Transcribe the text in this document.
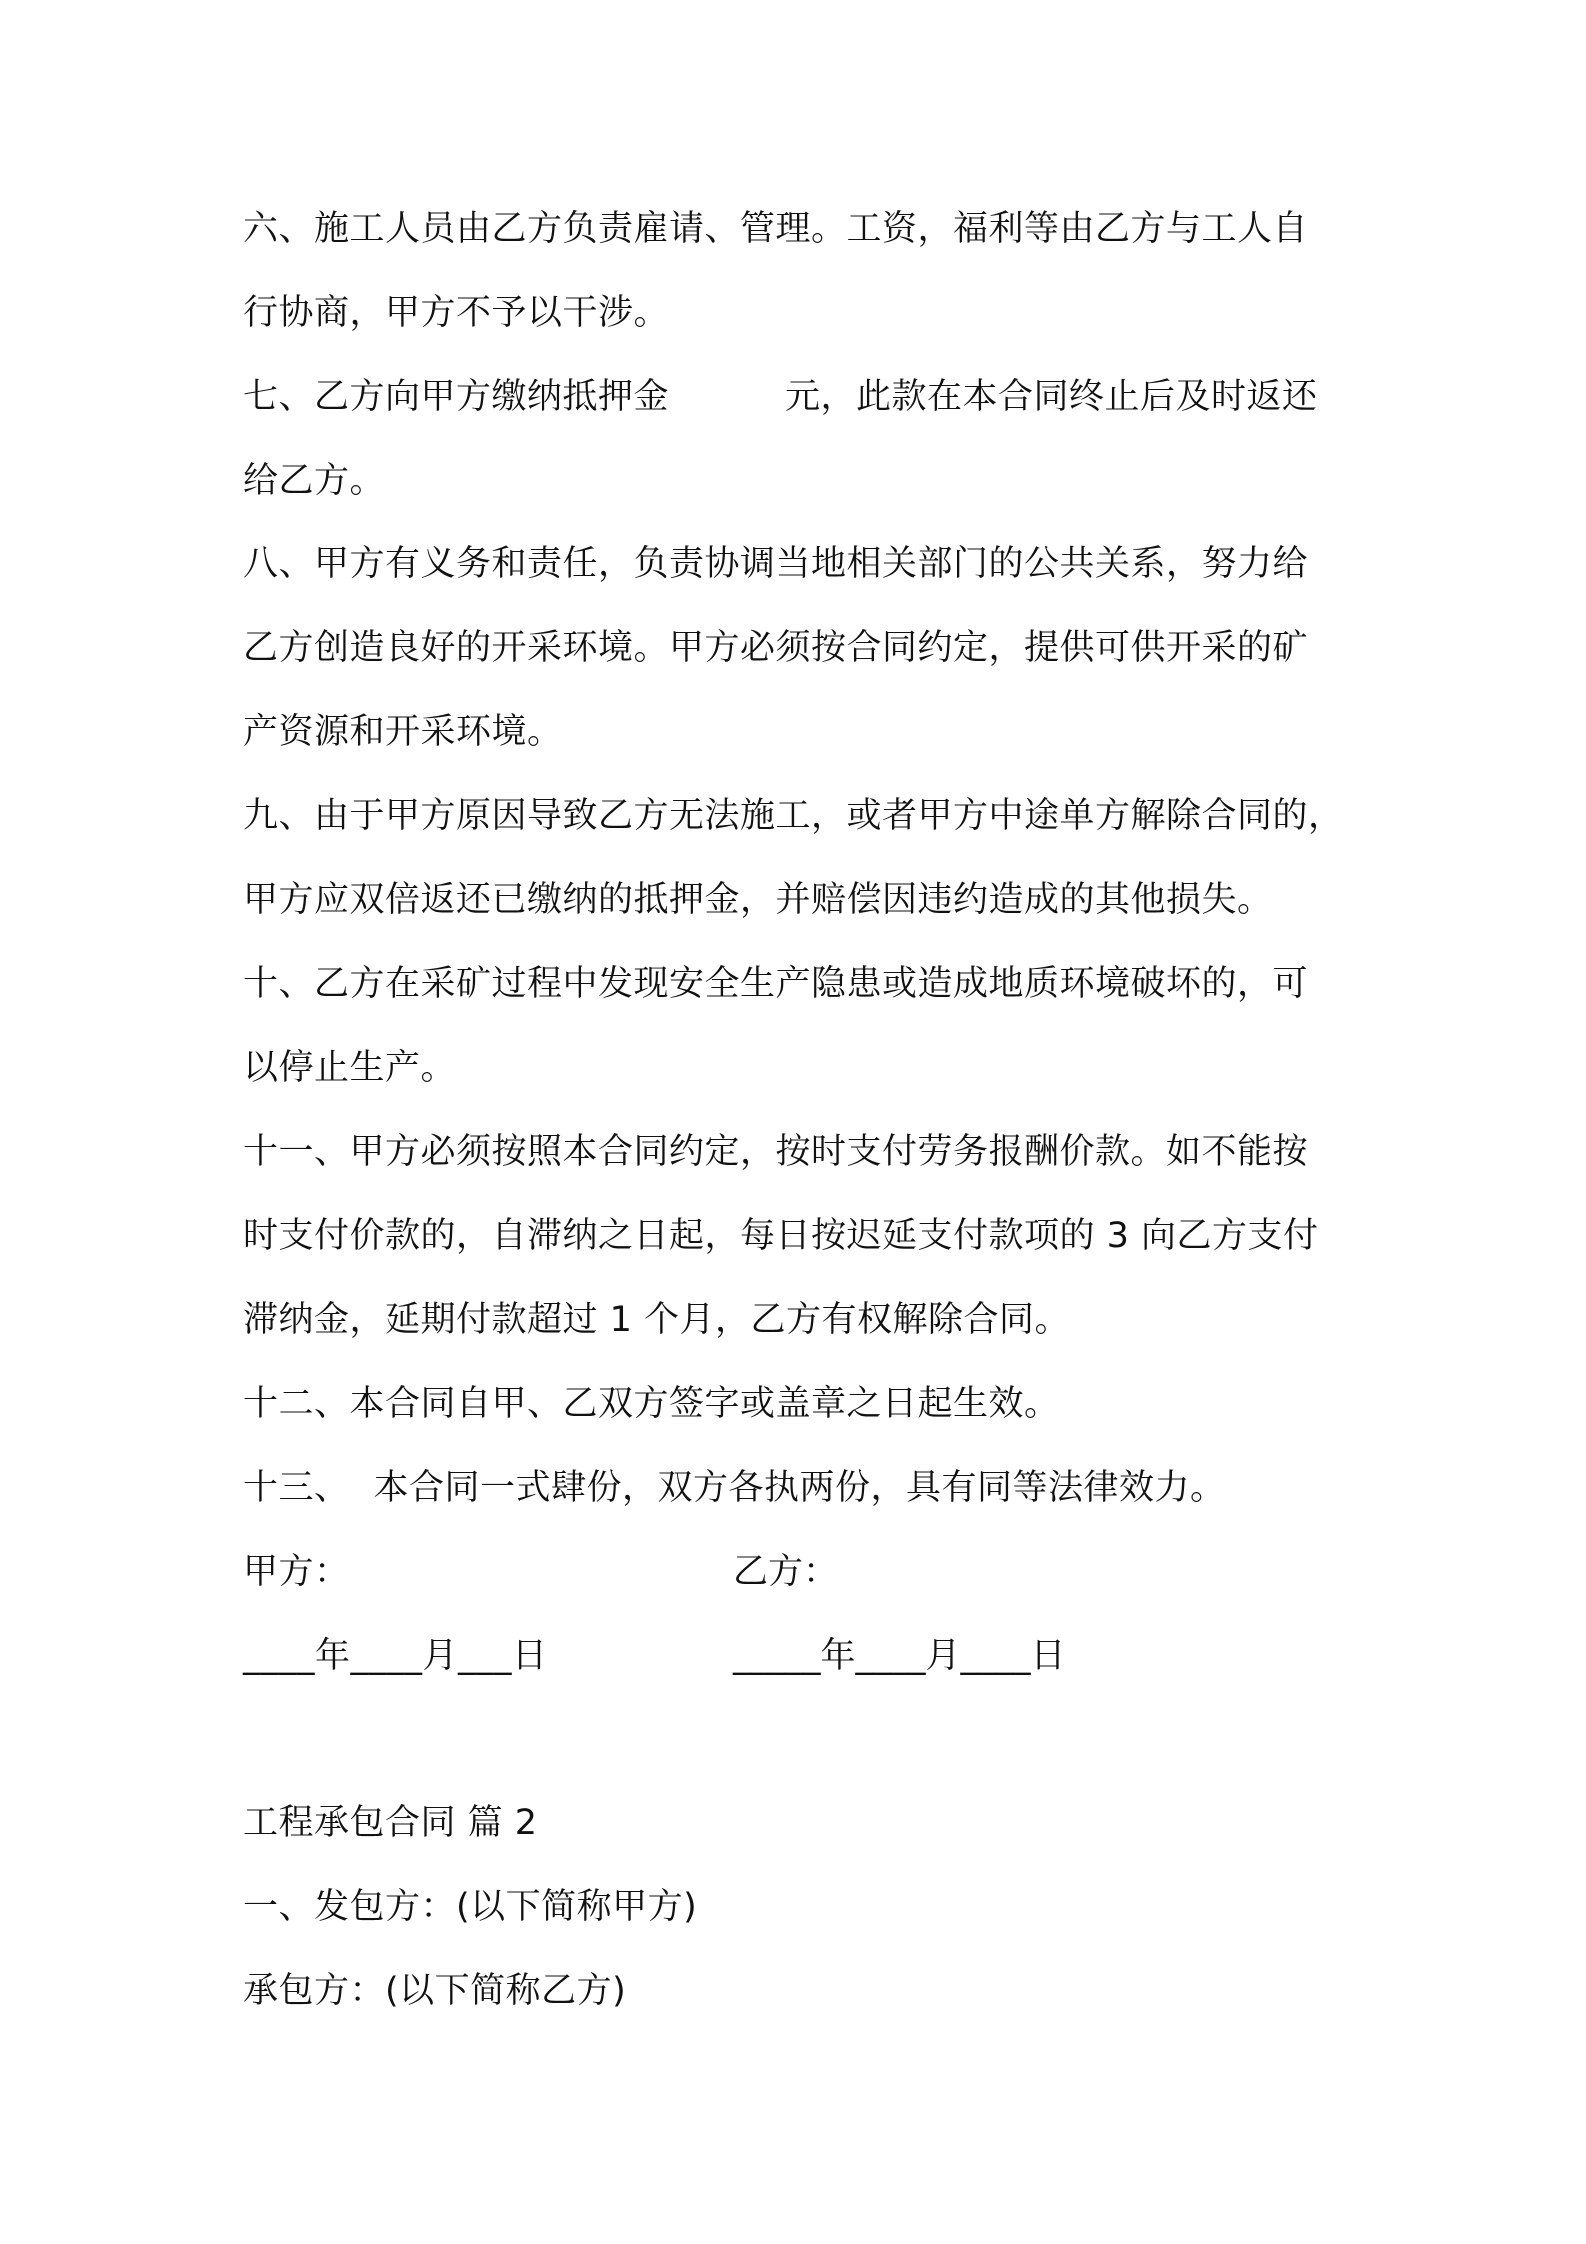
六、施工人员由乙方负责雇请、管理。工资，福利等由乙方与工人自
行协商，甲方不予以干涉。
七、乙方向甲方缴纳抵押金	元，此款在本合同终止后及时返还
给乙方。
八、甲方有义务和责任，负责协调当地相关部门的公共关系，努力给
乙方创造良好的开采环境。甲方必须按合同约定，提供可供开采的矿
产资源和开采环境。
九、由于甲方原因导致乙方无法施工，或者甲方中途单方解除合同的，
甲方应双倍返还已缴纳的抵押金，并赔偿因违约造成的其他损失。
十、乙方在采矿过程中发现安全生产隐患或造成地质环境破坏的，可
以停止生产。
十一、甲方必须按照本合同约定，按时支付劳务报酬价款。如不能按
时支付价款的，自滞纳之日起，每日按迟延支付款项的 3 向乙方支付
滞纳金，延期付款超过 1 个月，乙方有权解除合同。
十二、本合同自甲、乙双方签字或盖章之日起生效。
十三、 本合同一式肆份，双方各执两份，具有同等法律效力。
甲方：	乙方：
____年____月___日	_____年____月____日
工程承包合同 篇 2
一、发包方：(以下简称甲方)
承包方：(以下简称乙方)
